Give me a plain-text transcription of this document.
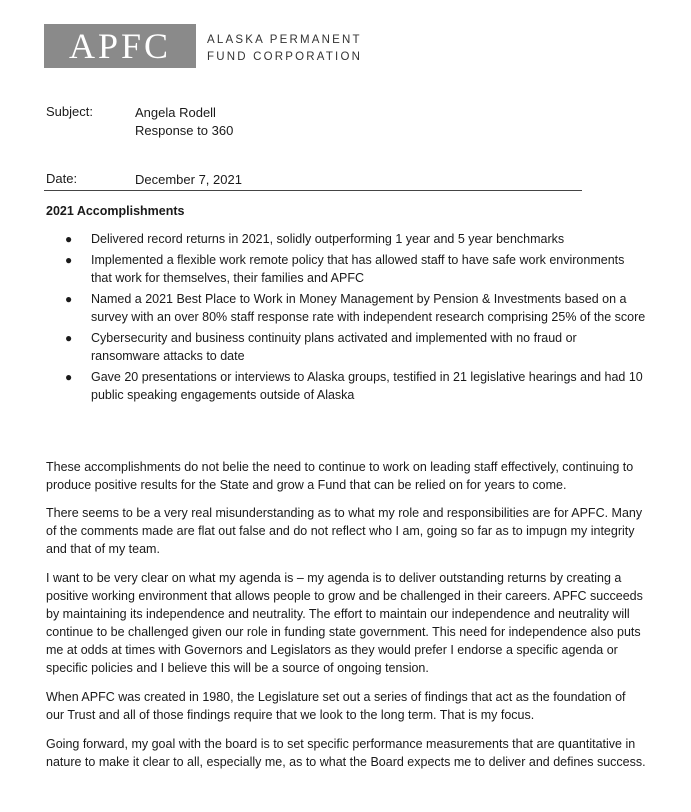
APFC	ALASKA PERMANENT
FUND CORPORATION
Subject:	Angela Rodell
Response to 360
Date:	December 7, 2021
2021 Accomplishments
● Delivered record returns in 2021, solidly outperforming 1 year and 5 year benchmarks
● Implemented a flexible work remote policy that has allowed staff to have safe work environments that work for themselves, their families and APFC
● Named a 2021 Best Place to Work in Money Management by Pension & Investments based on a survey with an over 80% staff response rate with independent research comprising 25% of the score
● Cybersecurity and business continuity plans activated and implemented with no fraud or ransomware attacks to date
● Gave 20 presentations or interviews to Alaska groups, testified in 21 legislative hearings and had 10 public speaking engagements outside of Alaska

These accomplishments do not belie the need to continue to work on leading staff effectively, continuing to produce positive results for the State and grow a Fund that can be relied on for years to come.

There seems to be a very real misunderstanding as to what my role and responsibilities are for APFC. Many of the comments made are flat out false and do not reflect who I am, going so far as to impugn my integrity and that of my team.

I want to be very clear on what my agenda is – my agenda is to deliver outstanding returns by creating a positive working environment that allows people to grow and be challenged in their careers. APFC succeeds by maintaining its independence and neutrality. The effort to maintain our independence and neutrality will continue to be challenged given our role in funding state government. This need for independence also puts me at odds at times with Governors and Legislators as they would prefer I endorse a specific agenda or specific policies and I believe this will be a source of ongoing tension.

When APFC was created in 1980, the Legislature set out a series of findings that act as the foundation of our Trust and all of those findings require that we look to the long term. That is my focus.

Going forward, my goal with the board is to set specific performance measurements that are quantitative in nature to make it clear to all, especially me, as to what the Board expects me to deliver and defines success.
